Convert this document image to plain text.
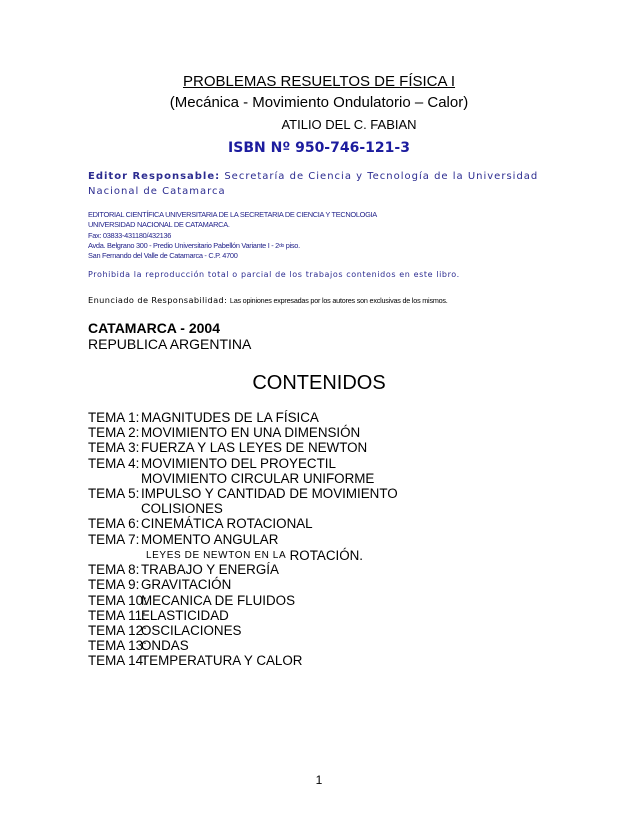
PROBLEMAS RESUELTOS DE FÍSICA I
(Mecánica - Movimiento Ondulatorio – Calor)
ATILIO DEL C. FABIAN
ISBN Nº 950-746-121-3
Editor Responsable: Secretaría de Ciencia y Tecnología de la Universidad Nacional de Catamarca
EDITORIAL CIENTÍFICA UNIVERSITARIA DE LA SECRETARIA DE CIENCIA Y TECNOLOGIA
UNIVERSIDAD NACIONAL DE CATAMARCA.
Fax: 03833-431180/432136
Avda. Belgrano 300 - Predio Universitario Pabellón Variante I - $2^{do}$ piso.
San Fernando del Valle de Catamarca - C.P. 4700
Prohibida la reproducción total o parcial de los trabajos contenidos en este libro.
Enunciado de Responsabilidad: Las opiniones expresadas por los autores son exclusivas de los mismos.
CATAMARCA - 2004
REPUBLICA ARGENTINA
CONTENIDOS
TEMA 1: MAGNITUDES DE LA FÍSICA
TEMA 2: MOVIMIENTO EN UNA DIMENSIÓN
TEMA 3: FUERZA Y LAS LEYES DE NEWTON
TEMA 4: MOVIMIENTO DEL PROYECTIL
MOVIMIENTO CIRCULAR UNIFORME
TEMA 5: IMPULSO Y CANTIDAD DE MOVIMIENTO
COLISIONES
TEMA 6: CINEMÁTICA ROTACIONAL
TEMA 7: MOMENTO ANGULAR
LEYES DE NEWTON EN LA
ROTACIÓN.
TEMA 8: TRABAJO Y ENERGÍA
TEMA 9: GRAVITACIÓN
TEMA 10:
MECANICA DE FLUIDOS
TEMA 11:
ELASTICIDAD
TEMA 12:
OSCILACIONES
TEMA 13:
ONDAS
TEMA 14:
TEMPERATURA Y CALOR
1
